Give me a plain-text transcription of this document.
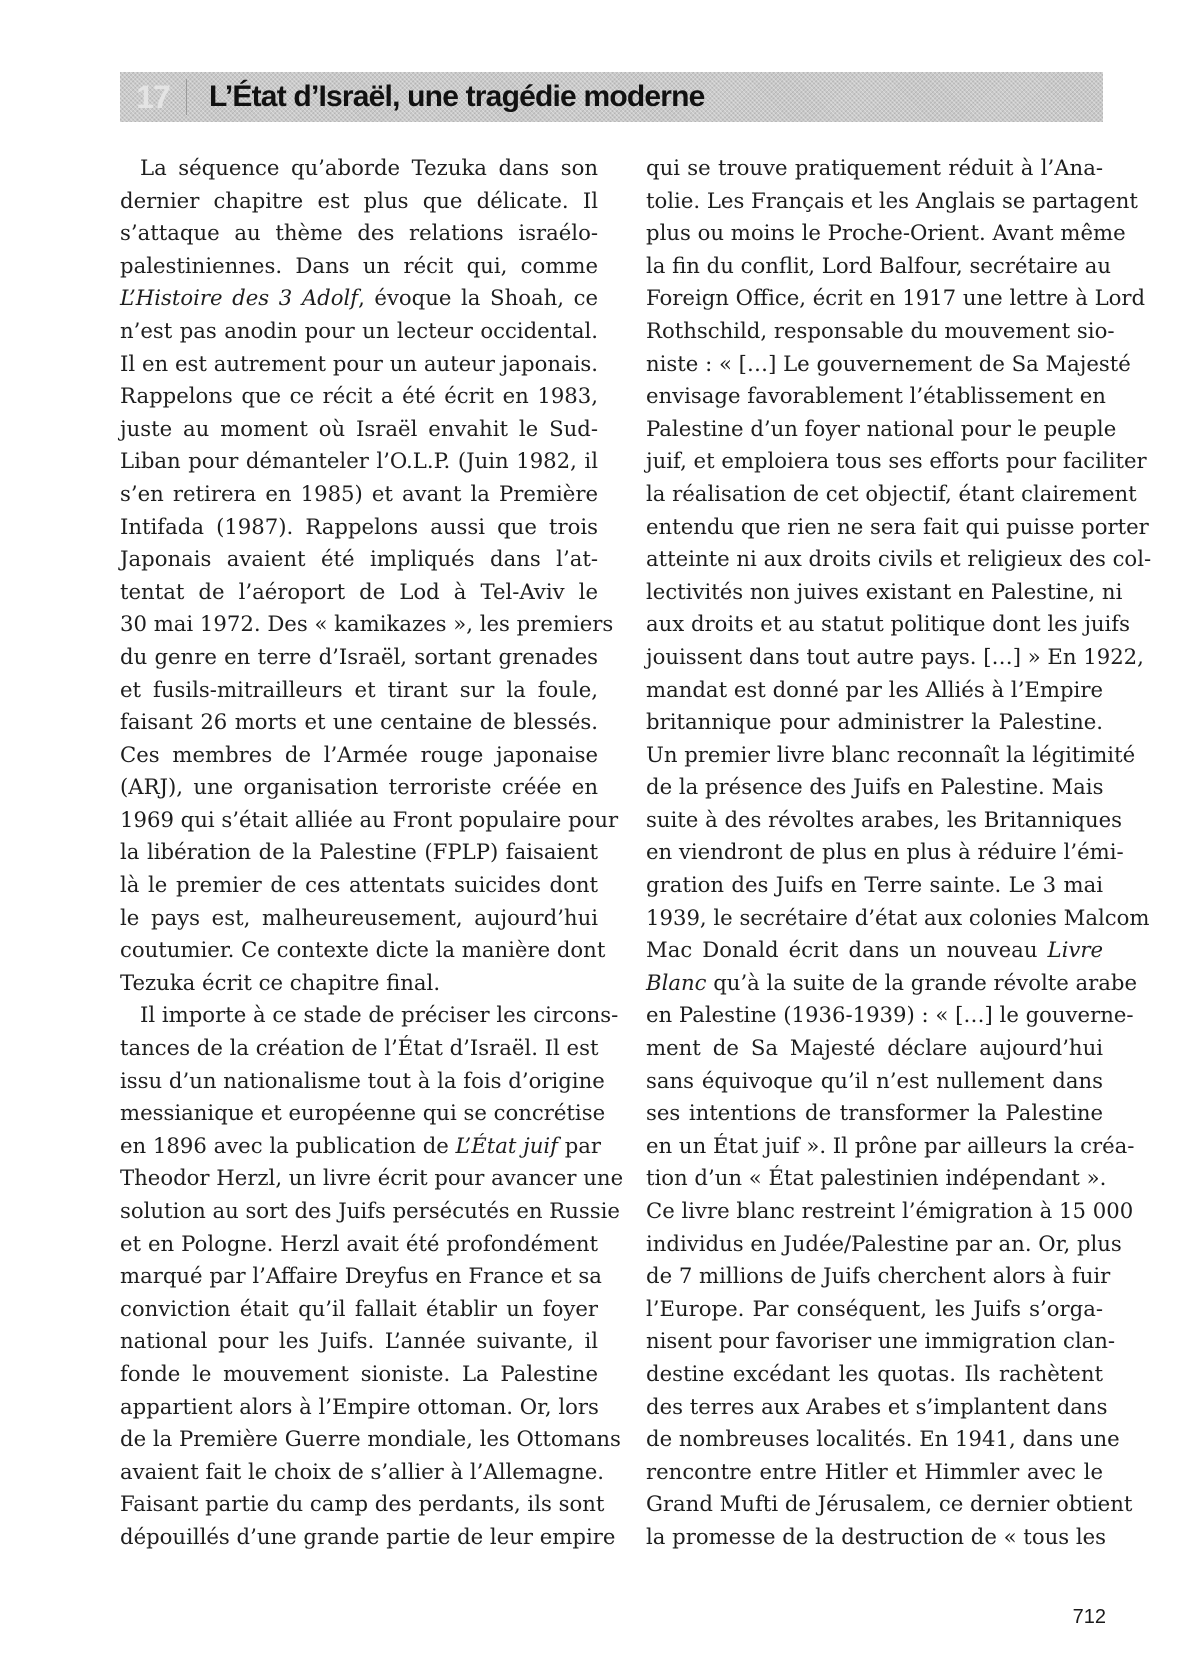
17	L’État d’Israël, une tragédie moderne
La séquence qu’aborde Tezuka dans son
dernier chapitre est plus que délicate. Il
s’attaque au thème des relations israélo-
palestiniennes. Dans un récit qui, comme
L’Histoire des 3 Adolf, évoque la Shoah, ce
n’est pas anodin pour un lecteur occidental.
Il en est autrement pour un auteur japonais.
Rappelons que ce récit a été écrit en 1983,
juste au moment où Israël envahit le Sud-
Liban pour démanteler l’O.L.P. (Juin 1982, il
s’en retirera en 1985) et avant la Première
Intifada (1987). Rappelons aussi que trois
Japonais avaient été impliqués dans l’at-
tentat de l’aéroport de Lod à Tel-Aviv le
30 mai 1972. Des « kamikazes », les premiers
du genre en terre d’Israël, sortant grenades
et fusils-mitrailleurs et tirant sur la foule,
faisant 26 morts et une centaine de blessés.
Ces membres de l’Armée rouge japonaise
(ARJ), une organisation terroriste créée en
1969 qui s’était alliée au Front populaire pour
la libération de la Palestine (FPLP) faisaient
là le premier de ces attentats suicides dont
le pays est, malheureusement, aujourd’hui
coutumier. Ce contexte dicte la manière dont
Tezuka écrit ce chapitre final.
Il importe à ce stade de préciser les circons-
tances de la création de l’État d’Israël. Il est
issu d’un nationalisme tout à la fois d’origine
messianique et européenne qui se concrétise
en 1896 avec la publication de L’État juif par
Theodor Herzl, un livre écrit pour avancer une
solution au sort des Juifs persécutés en Russie
et en Pologne. Herzl avait été profondément
marqué par l’Affaire Dreyfus en France et sa
conviction était qu’il fallait établir un foyer
national pour les Juifs. L’année suivante, il
fonde le mouvement sioniste. La Palestine
appartient alors à l’Empire ottoman. Or, lors
de la Première Guerre mondiale, les Ottomans
avaient fait le choix de s’allier à l’Allemagne.
Faisant partie du camp des perdants, ils sont
dépouillés d’une grande partie de leur empire
qui se trouve pratiquement réduit à l’Ana-
tolie. Les Français et les Anglais se partagent
plus ou moins le Proche-Orient. Avant même
la fin du conflit, Lord Balfour, secrétaire au
Foreign Office, écrit en 1917 une lettre à Lord
Rothschild, responsable du mouvement sio-
niste : « […] Le gouvernement de Sa Majesté
envisage favorablement l’établissement en
Palestine d’un foyer national pour le peuple
juif, et emploiera tous ses efforts pour faciliter
la réalisation de cet objectif, étant clairement
entendu que rien ne sera fait qui puisse porter
atteinte ni aux droits civils et religieux des col-
lectivités non juives existant en Palestine, ni
aux droits et au statut politique dont les juifs
jouissent dans tout autre pays. […] » En 1922,
mandat est donné par les Alliés à l’Empire
britannique pour administrer la Palestine.
Un premier livre blanc reconnaît la légitimité
de la présence des Juifs en Palestine. Mais
suite à des révoltes arabes, les Britanniques
en viendront de plus en plus à réduire l’émi-
gration des Juifs en Terre sainte. Le 3 mai
1939, le secrétaire d’état aux colonies Malcom
Mac Donald écrit dans un nouveau Livre
Blanc qu’à la suite de la grande révolte arabe
en Palestine (1936-1939) : « […] le gouverne-
ment de Sa Majesté déclare aujourd’hui
sans équivoque qu’il n’est nullement dans
ses intentions de transformer la Palestine
en un État juif ». Il prône par ailleurs la créa-
tion d’un « État palestinien indépendant ».
Ce livre blanc restreint l’émigration à 15 000
individus en Judée/Palestine par an. Or, plus
de 7 millions de Juifs cherchent alors à fuir
l’Europe. Par conséquent, les Juifs s’orga-
nisent pour favoriser une immigration clan-
destine excédant les quotas. Ils rachètent
des terres aux Arabes et s’implantent dans
de nombreuses localités. En 1941, dans une
rencontre entre Hitler et Himmler avec le
Grand Mufti de Jérusalem, ce dernier obtient
la promesse de la destruction de « tous les
712
